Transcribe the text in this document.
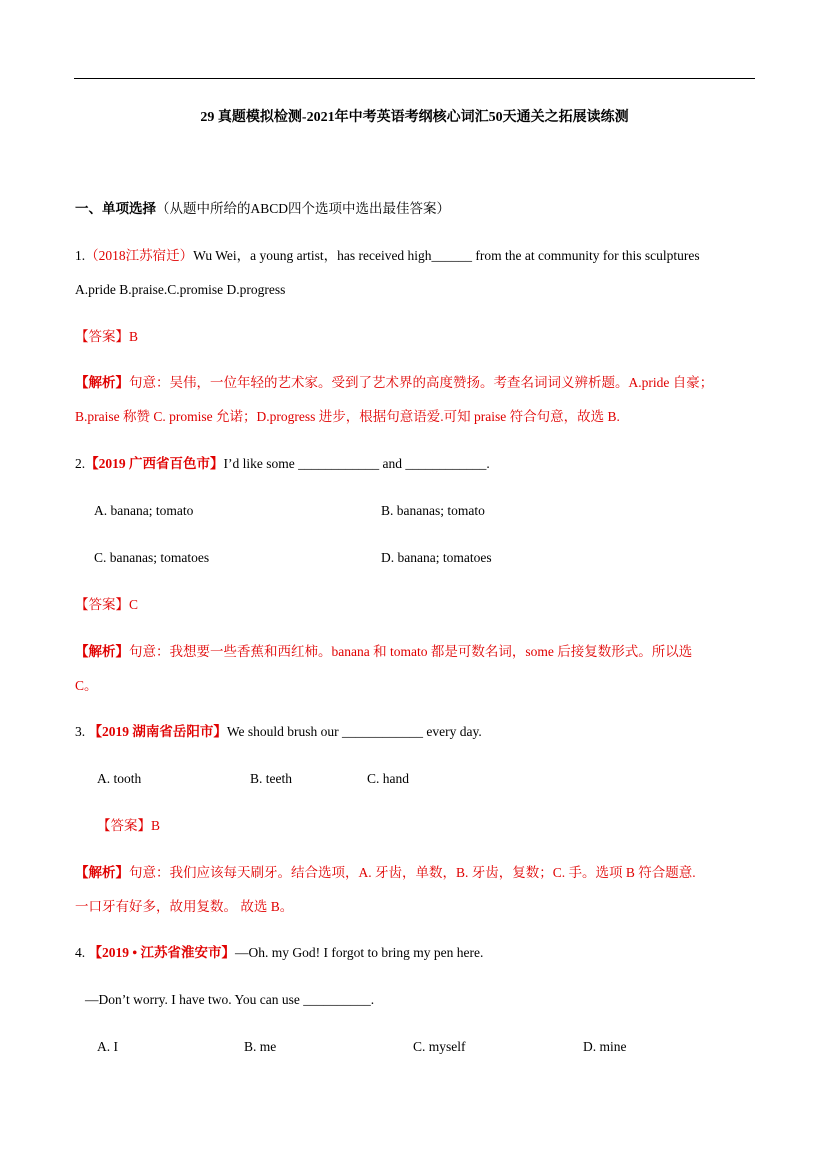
29 真题模拟检测-2021年中考英语考纲核心词汇50天通关之拓展读练测
一、单项选择（从题中所给的ABCD四个选项中选出最佳答案）
1.（2018江苏宿迁）Wu Wei，a young artist，has received high______ from the at community for this sculptures
A.pride B.praise.C.promise D.progress
【答案】B
【解析】句意：吴伟，一位年轻的艺术家。受到了艺术界的高度赞扬。考查名词词义辨析题。A.pride 自豪；
B.praise 称赞 C. promise 允诺；D.progress 进步，根据句意语爱.可知 praise 符合句意，故选 B.
2.【2019 广西省百色市】I’d like some ____________ and ____________.
A. banana; tomato	B. bananas; tomato
C. bananas; tomatoes	D. banana; tomatoes
【答案】C
【解析】句意：我想要一些香蕉和西红柿。banana 和 tomato 都是可数名词，some 后接复数形式。所以选
C。
3. 【2019 湖南省岳阳市】We should brush our ____________ every day.
A. tooth	B. teeth	C. hand
【答案】B
【解析】句意：我们应该每天刷牙。结合选项，A. 牙齿，单数，B. 牙齿，复数；C. 手。选项 B 符合题意.
一口牙有好多，故用复数。 故选 B。
4. 【2019 • 江苏省淮安市】—Oh. my God! I forgot to bring my pen here.
—Don’t worry. I have two. You can use __________.
A. I	B. me	C. myself	D. mine
